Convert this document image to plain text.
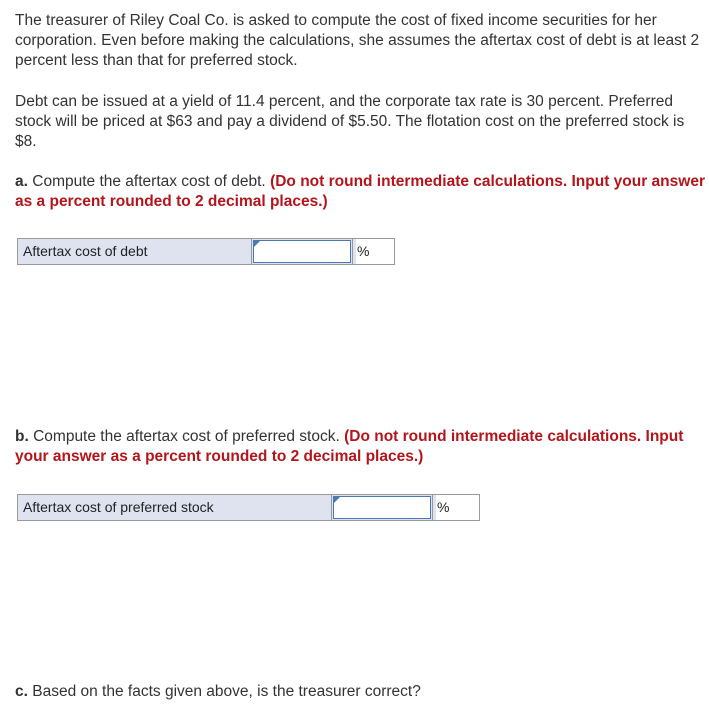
The treasurer of Riley Coal Co. is asked to compute the cost of fixed income securities for her corporation. Even before making the calculations, she assumes the aftertax cost of debt is at least 2 percent less than that for preferred stock.

Debt can be issued at a yield of 11.4 percent, and the corporate tax rate is 30 percent. Preferred stock will be priced at $63 and pay a dividend of $5.50. The flotation cost on the preferred stock is $8.

a. Compute the aftertax cost of debt. (Do not round intermediate calculations. Input your answer as a percent rounded to 2 decimal places.)

Aftertax cost of debt	%

b. Compute the aftertax cost of preferred stock. (Do not round intermediate calculations. Input your answer as a percent rounded to 2 decimal places.)

Aftertax cost of preferred stock	%

c. Based on the facts given above, is the treasurer correct?
